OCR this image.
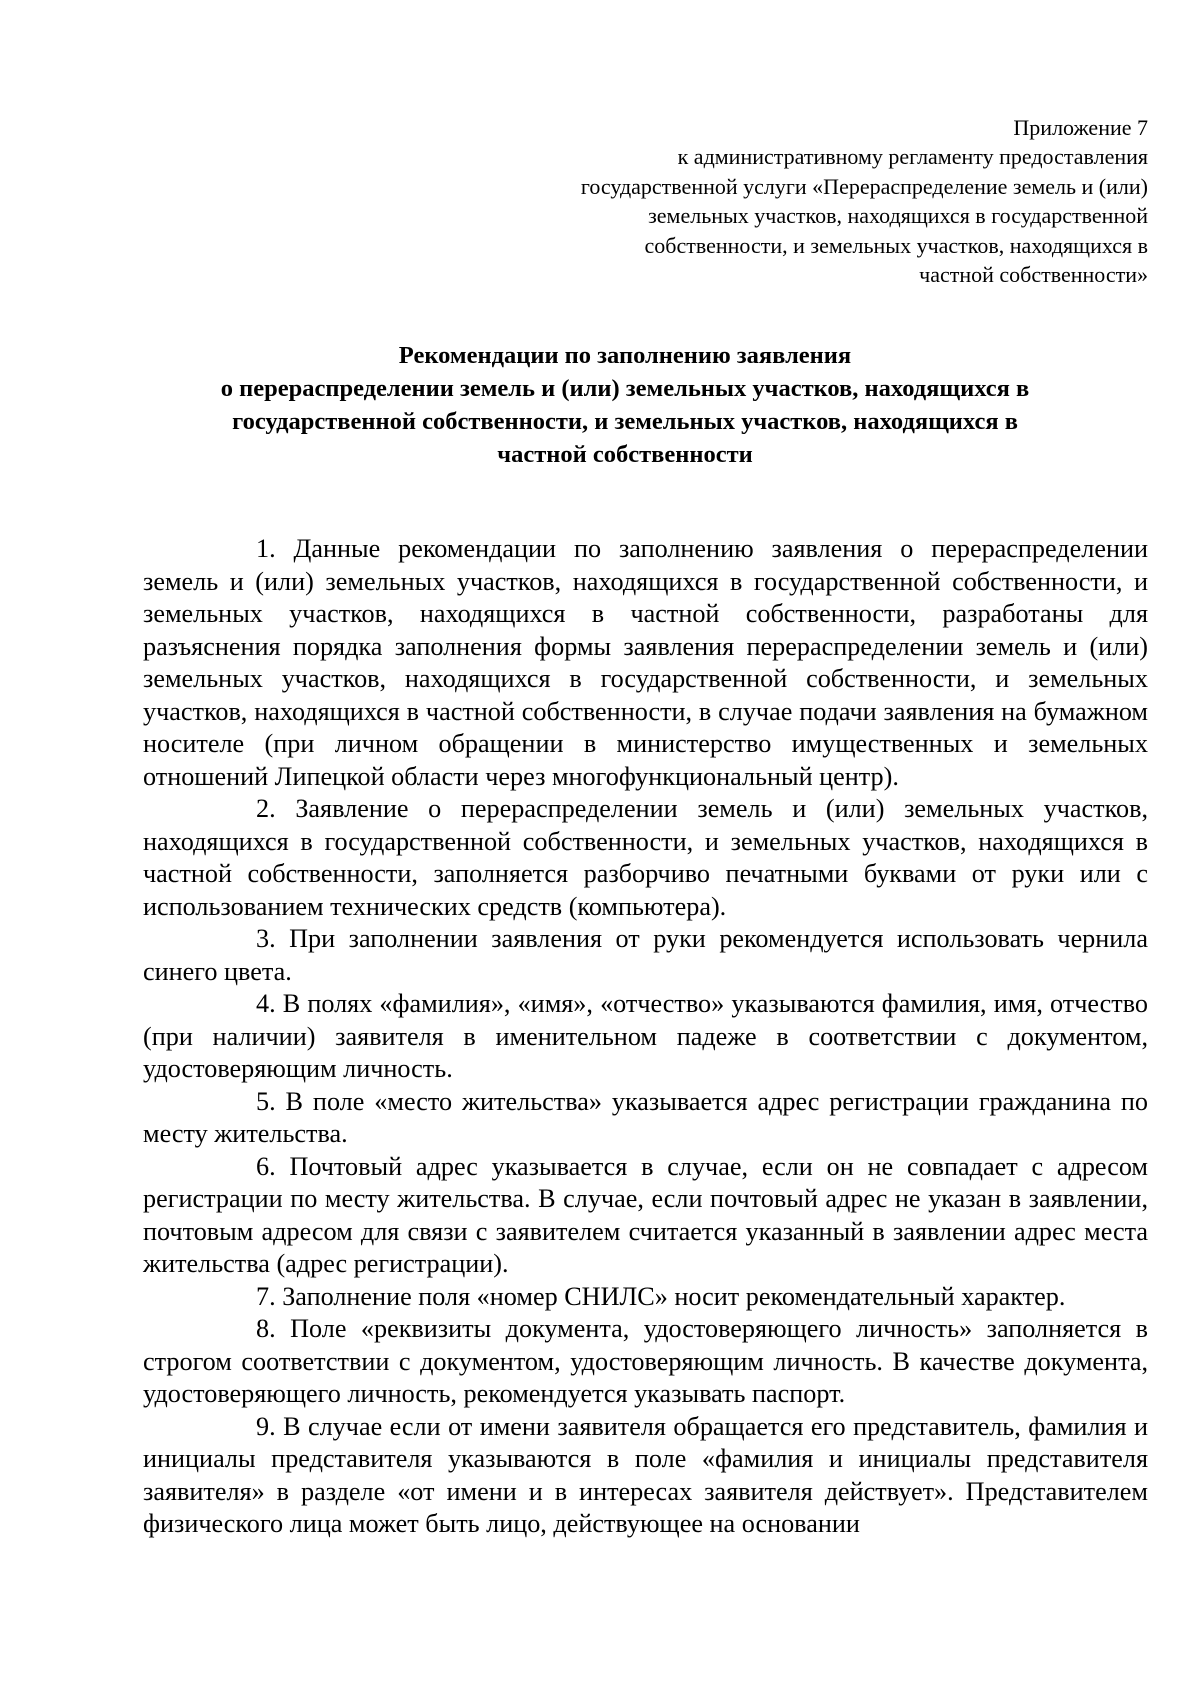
Приложение 7
к административному регламенту предоставления
государственной услуги «Перераспределение земель и (или)
земельных участков, находящихся в государственной
собственности, и земельных участков, находящихся в
частной собственности»
Рекомендации по заполнению заявления
о перераспределении земель и (или) земельных участков, находящихся в
государственной собственности, и земельных участков, находящихся в
частной собственности

1. Данные рекомендации по заполнению заявления о перераспределении земель и (или) земельных участков, находящихся в государственной собственности, и земельных участков, находящихся в частной собственности, разработаны для разъяснения порядка заполнения формы заявления перераспределении земель и (или) земельных участков, находящихся в государственной собственности, и земельных участков, находящихся в частной собственности, в случае подачи заявления на бумажном носителе (при личном обращении в министерство имущественных и земельных отношений Липецкой области через многофункциональный центр).

2. Заявление о перераспределении земель и (или) земельных участков, находящихся в государственной собственности, и земельных участков, находящихся в частной собственности, заполняется разборчиво печатными буквами от руки или с использованием технических средств (компьютера).

3. При заполнении заявления от руки рекомендуется использовать чернила синего цвета.

4. В полях «фамилия», «имя», «отчество» указываются фамилия, имя, отчество (при наличии) заявителя в именительном падеже в соответствии с документом, удостоверяющим личность.

5. В поле «место жительства» указывается адрес регистрации гражданина по месту жительства.

6. Почтовый адрес указывается в случае, если он не совпадает с адресом регистрации по месту жительства. В случае, если почтовый адрес не указан в заявлении, почтовым адресом для связи с заявителем считается указанный в заявлении адрес места жительства (адрес регистрации).

7. Заполнение поля «номер СНИЛС» носит рекомендательный характер.

8. Поле «реквизиты документа, удостоверяющего личность» заполняется в строгом соответствии с документом, удостоверяющим личность. В качестве документа, удостоверяющего личность, рекомендуется указывать паспорт.

9. В случае если от имени заявителя обращается его представитель, фамилия и инициалы представителя указываются в поле «фамилия и инициалы представителя заявителя» в разделе «от имени и в интересах заявителя действует». Представителем физического лица может быть лицо, действующее на основании
